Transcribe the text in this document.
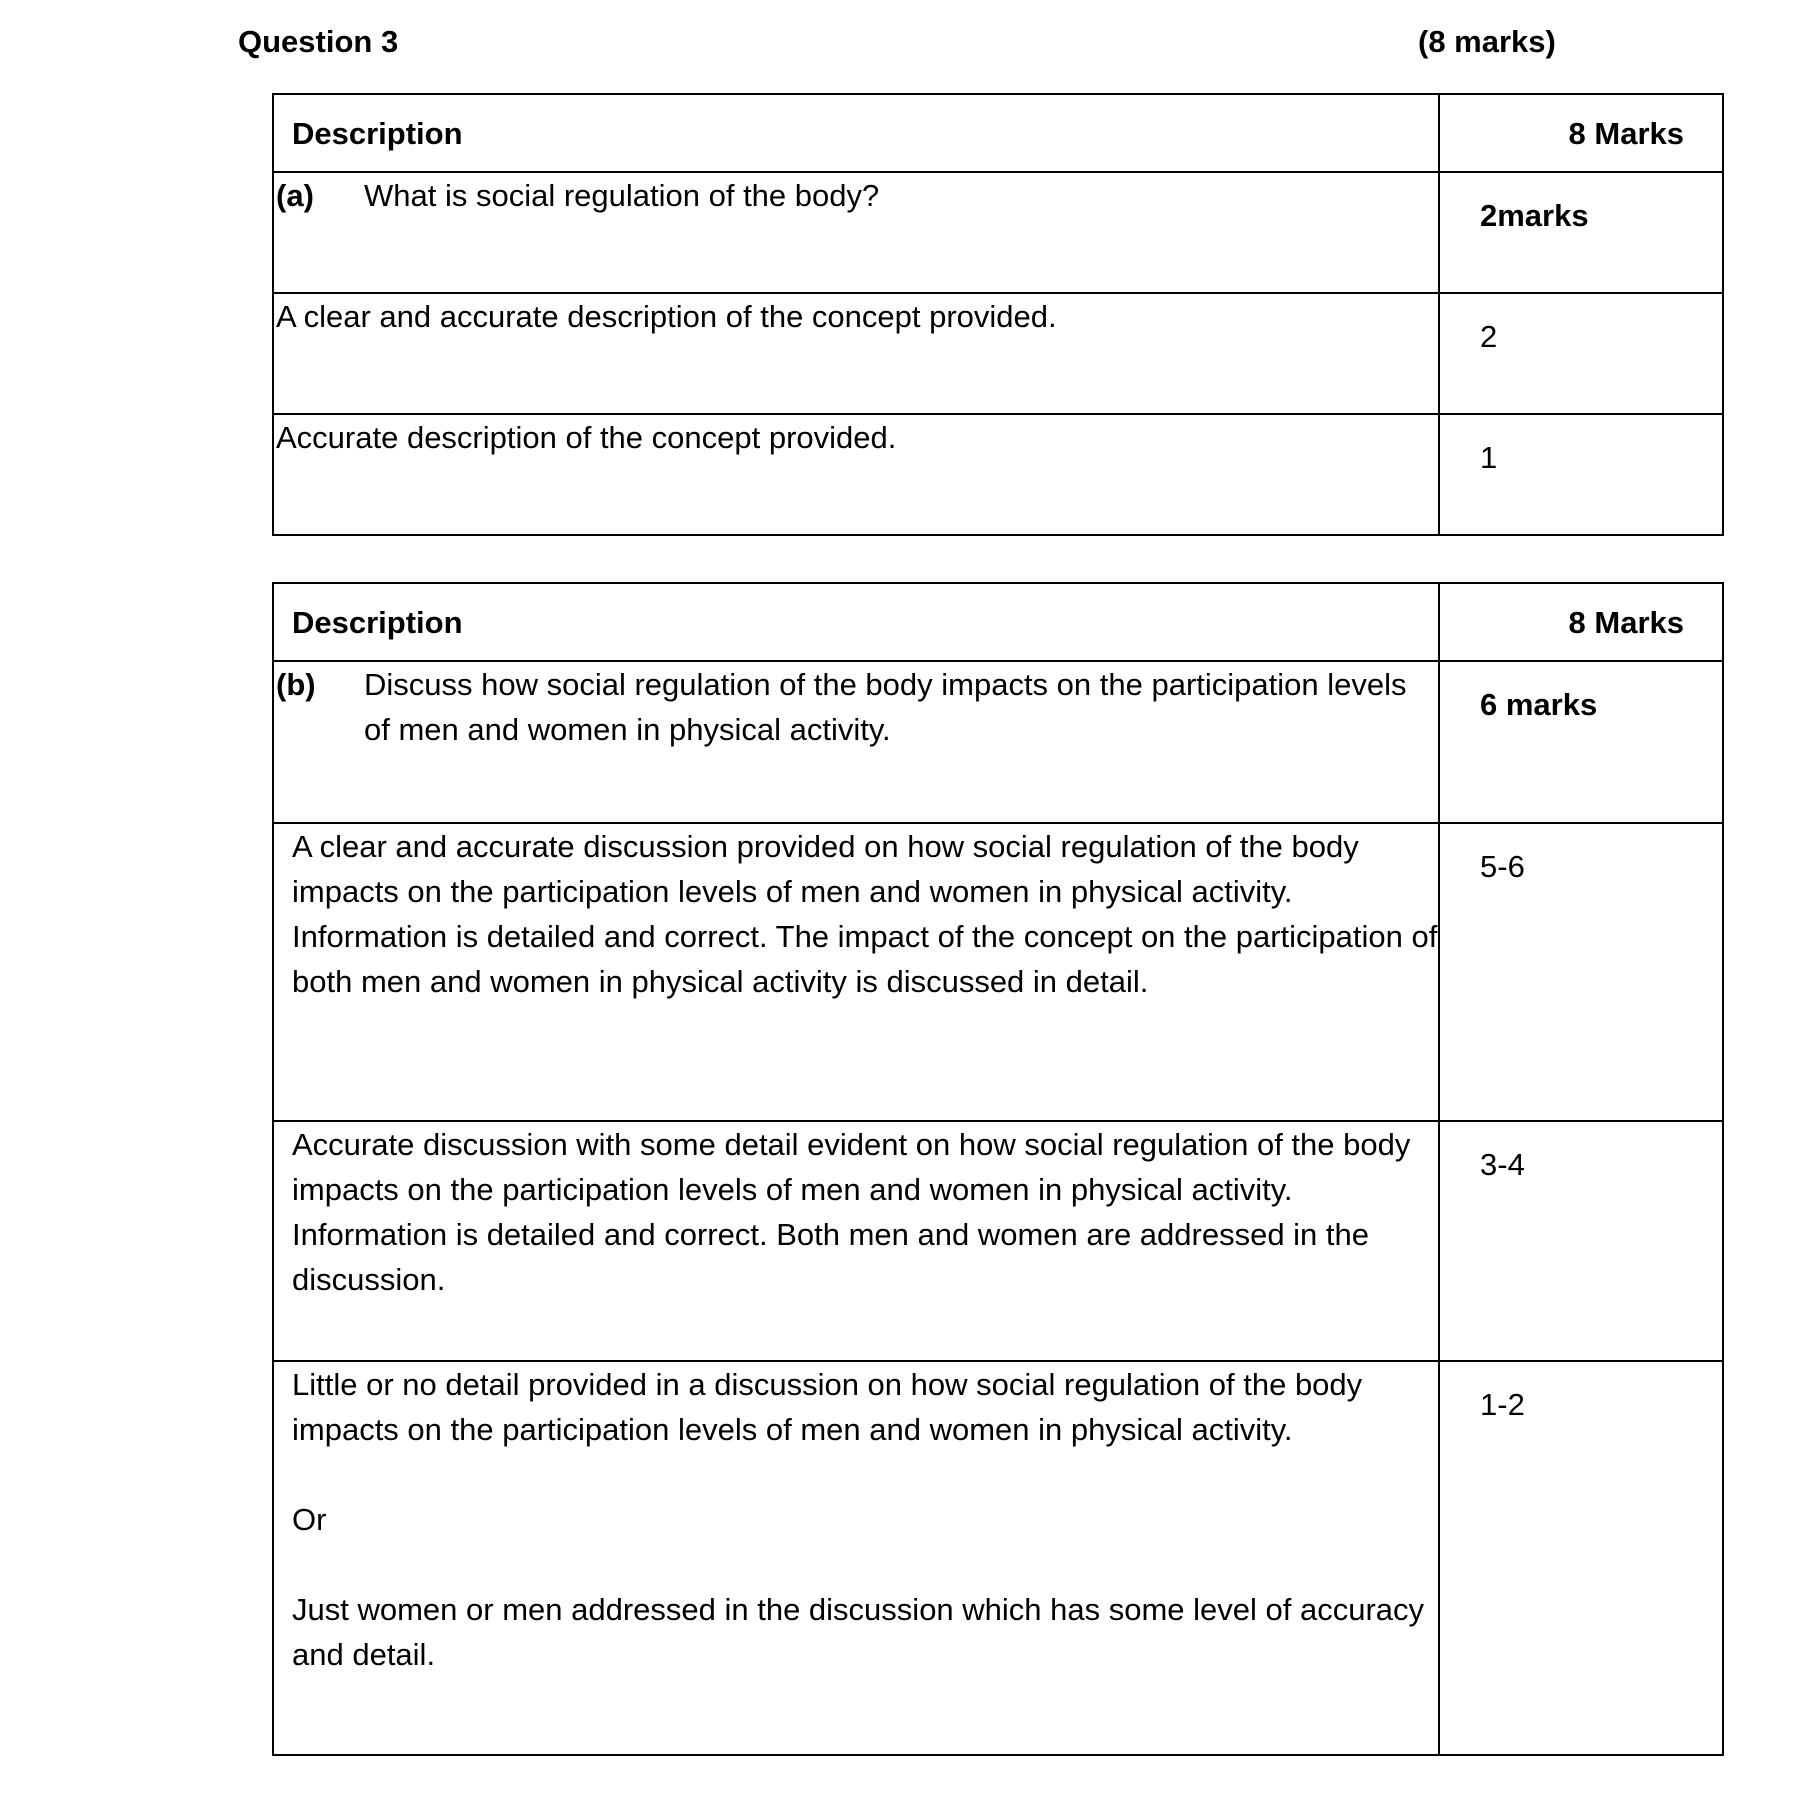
Question 3	(8 marks)
Description	8 Marks

(a) What is social regulation of the body?	2marks
A clear and accurate description of the concept provided.	2
Accurate description of the concept provided.	1
Description	8 Marks

(b) Discuss how social regulation of the body impacts on the participation levels of men and women in physical activity.	6 marks

A clear and accurate discussion provided on how social regulation of the body impacts on the participation levels of men and women in physical activity.
Information is detailed and correct. The impact of the concept on the participation of both men and women in physical activity is discussed in detail.	5-6

Accurate discussion with some detail evident on how social regulation of the body impacts on the participation levels of men and women in physical activity.
Information is detailed and correct. Both men and women are addressed in the discussion.	3-4

Little or no detail provided in a discussion on how social regulation of the body impacts on the participation levels of men and women in physical activity.
Or
Just women or men addressed in the discussion which has some level of accuracy and detail.	1-2
